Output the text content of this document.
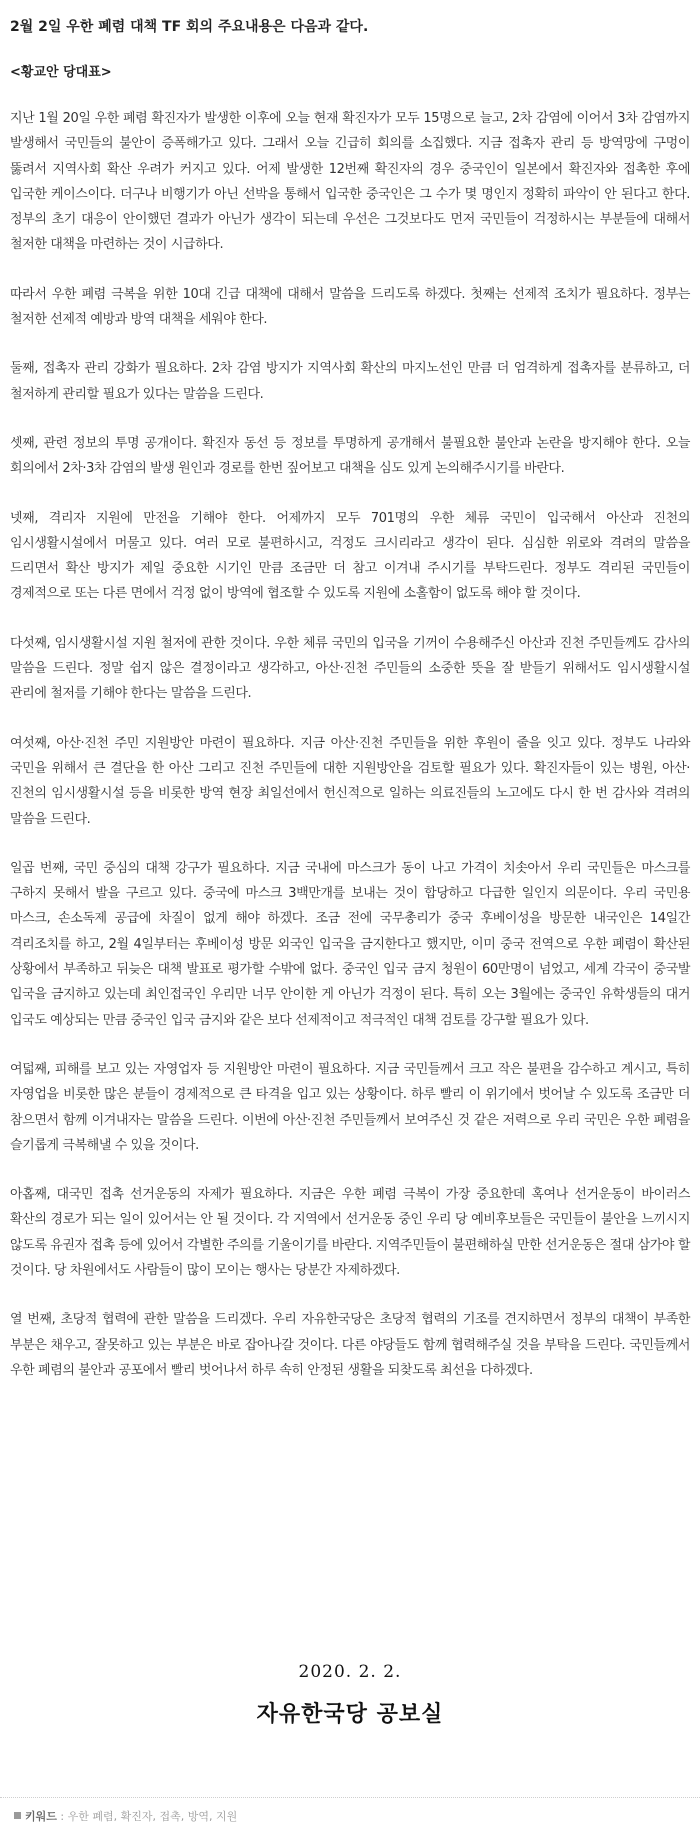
2월 2일 우한 폐렴 대책 TF 회의 주요내용은 다음과 같다.
<황교안 당대표>

지난 1월 20일 우한 폐렴 확진자가 발생한 이후에 오늘 현재 확진자가 모두 15명으로 늘고, 2차 감염에 이어서 3차 감염까지 발생해서 국민들의 불안이 증폭해가고 있다. 그래서 오늘 긴급히 회의를 소집했다. 지금 접촉자 관리 등 방역망에 구멍이 뚫려서 지역사회 확산 우려가 커지고 있다. 어제 발생한 12번째 확진자의 경우 중국인이 일본에서 확진자와 접촉한 후에 입국한 케이스이다. 더구나 비행기가 아닌 선박을 통해서 입국한 중국인은 그 수가 몇 명인지 정확히 파악이 안 된다고 한다. 정부의 초기 대응이 안이했던 결과가 아닌가 생각이 되는데 우선은 그것보다도 먼저 국민들이 걱정하시는 부분들에 대해서 철저한 대책을 마련하는 것이 시급하다.

따라서 우한 폐렴 극복을 위한 10대 긴급 대책에 대해서 말씀을 드리도록 하겠다. 첫째는 선제적 조치가 필요하다. 정부는 철저한 선제적 예방과 방역 대책을 세워야 한다.

둘째, 접촉자 관리 강화가 필요하다. 2차 감염 방지가 지역사회 확산의 마지노선인 만큼 더 엄격하게 접촉자를 분류하고, 더 철저하게 관리할 필요가 있다는 말씀을 드린다.

셋째, 관련 정보의 투명 공개이다. 확진자 동선 등 정보를 투명하게 공개해서 불필요한 불안과 논란을 방지해야 한다. 오늘 회의에서 2차·3차 감염의 발생 원인과 경로를 한번 짚어보고 대책을 심도 있게 논의해주시기를 바란다.

넷째, 격리자 지원에 만전을 기해야 한다. 어제까지 모두 701명의 우한 체류 국민이 입국해서 아산과 진천의 임시생활시설에서 머물고 있다. 여러 모로 불편하시고, 걱정도 크시리라고 생각이 된다. 심심한 위로와 격려의 말씀을 드리면서 확산 방지가 제일 중요한 시기인 만큼 조금만 더 참고 이겨내 주시기를 부탁드린다. 정부도 격리된 국민들이 경제적으로 또는 다른 면에서 걱정 없이 방역에 협조할 수 있도록 지원에 소홀함이 없도록 해야 할 것이다.

다섯째, 임시생활시설 지원 철저에 관한 것이다. 우한 체류 국민의 입국을 기꺼이 수용해주신 아산과 진천 주민들께도 감사의 말씀을 드린다. 정말 쉽지 않은 결정이라고 생각하고, 아산·진천 주민들의 소중한 뜻을 잘 받들기 위해서도 임시생활시설 관리에 철저를 기해야 한다는 말씀을 드린다.

여섯째, 아산·진천 주민 지원방안 마련이 필요하다. 지금 아산·진천 주민들을 위한 후원이 줄을 잇고 있다. 정부도 나라와 국민을 위해서 큰 결단을 한 아산 그리고 진천 주민들에 대한 지원방안을 검토할 필요가 있다. 확진자들이 있는 병원, 아산·진천의 임시생활시설 등을 비롯한 방역 현장 최일선에서 헌신적으로 일하는 의료진들의 노고에도 다시 한 번 감사와 격려의 말씀을 드린다.

일곱 번째, 국민 중심의 대책 강구가 필요하다. 지금 국내에 마스크가 동이 나고 가격이 치솟아서 우리 국민들은 마스크를 구하지 못해서 발을 구르고 있다. 중국에 마스크 3백만개를 보내는 것이 합당하고 다급한 일인지 의문이다. 우리 국민용 마스크, 손소독제 공급에 차질이 없게 해야 하겠다. 조금 전에 국무총리가 중국 후베이성을 방문한 내국인은 14일간 격리조치를 하고, 2월 4일부터는 후베이성 방문 외국인 입국을 금지한다고 했지만, 이미 중국 전역으로 우한 폐렴이 확산된 상황에서 부족하고 뒤늦은 대책 발표로 평가할 수밖에 없다. 중국인 입국 금지 청원이 60만명이 넘었고, 세계 각국이 중국발 입국을 금지하고 있는데 최인접국인 우리만 너무 안이한 게 아닌가 걱정이 된다. 특히 오는 3월에는 중국인 유학생들의 대거 입국도 예상되는 만큼 중국인 입국 금지와 같은 보다 선제적이고 적극적인 대책 검토를 강구할 필요가 있다.

여덟째, 피해를 보고 있는 자영업자 등 지원방안 마련이 필요하다. 지금 국민들께서 크고 작은 불편을 감수하고 계시고, 특히 자영업을 비롯한 많은 분들이 경제적으로 큰 타격을 입고 있는 상황이다. 하루 빨리 이 위기에서 벗어날 수 있도록 조금만 더 참으면서 함께 이겨내자는 말씀을 드린다. 이번에 아산·진천 주민들께서 보여주신 것 같은 저력으로 우리 국민은 우한 폐렴을 슬기롭게 극복해낼 수 있을 것이다.

아홉째, 대국민 접촉 선거운동의 자제가 필요하다. 지금은 우한 폐렴 극복이 가장 중요한데 혹여나 선거운동이 바이러스 확산의 경로가 되는 일이 있어서는 안 될 것이다. 각 지역에서 선거운동 중인 우리 당 예비후보들은 국민들이 불안을 느끼시지 않도록 유권자 접촉 등에 있어서 각별한 주의를 기울이기를 바란다. 지역주민들이 불편해하실 만한 선거운동은 절대 삼가야 할 것이다. 당 차원에서도 사람들이 많이 모이는 행사는 당분간 자제하겠다.

열 번째, 초당적 협력에 관한 말씀을 드리겠다. 우리 자유한국당은 초당적 협력의 기조를 견지하면서 정부의 대책이 부족한 부분은 채우고, 잘못하고 있는 부분은 바로 잡아나갈 것이다. 다른 야당들도 함께 협력해주실 것을 부탁을 드린다. 국민들께서 우한 폐렴의 불안과 공포에서 빨리 벗어나서 하루 속히 안정된 생활을 되찾도록 최선을 다하겠다.

2020. 2. 2.
자유한국당 공보실
키워드 : 우한 폐렴, 확진자, 접촉, 방역, 지원
